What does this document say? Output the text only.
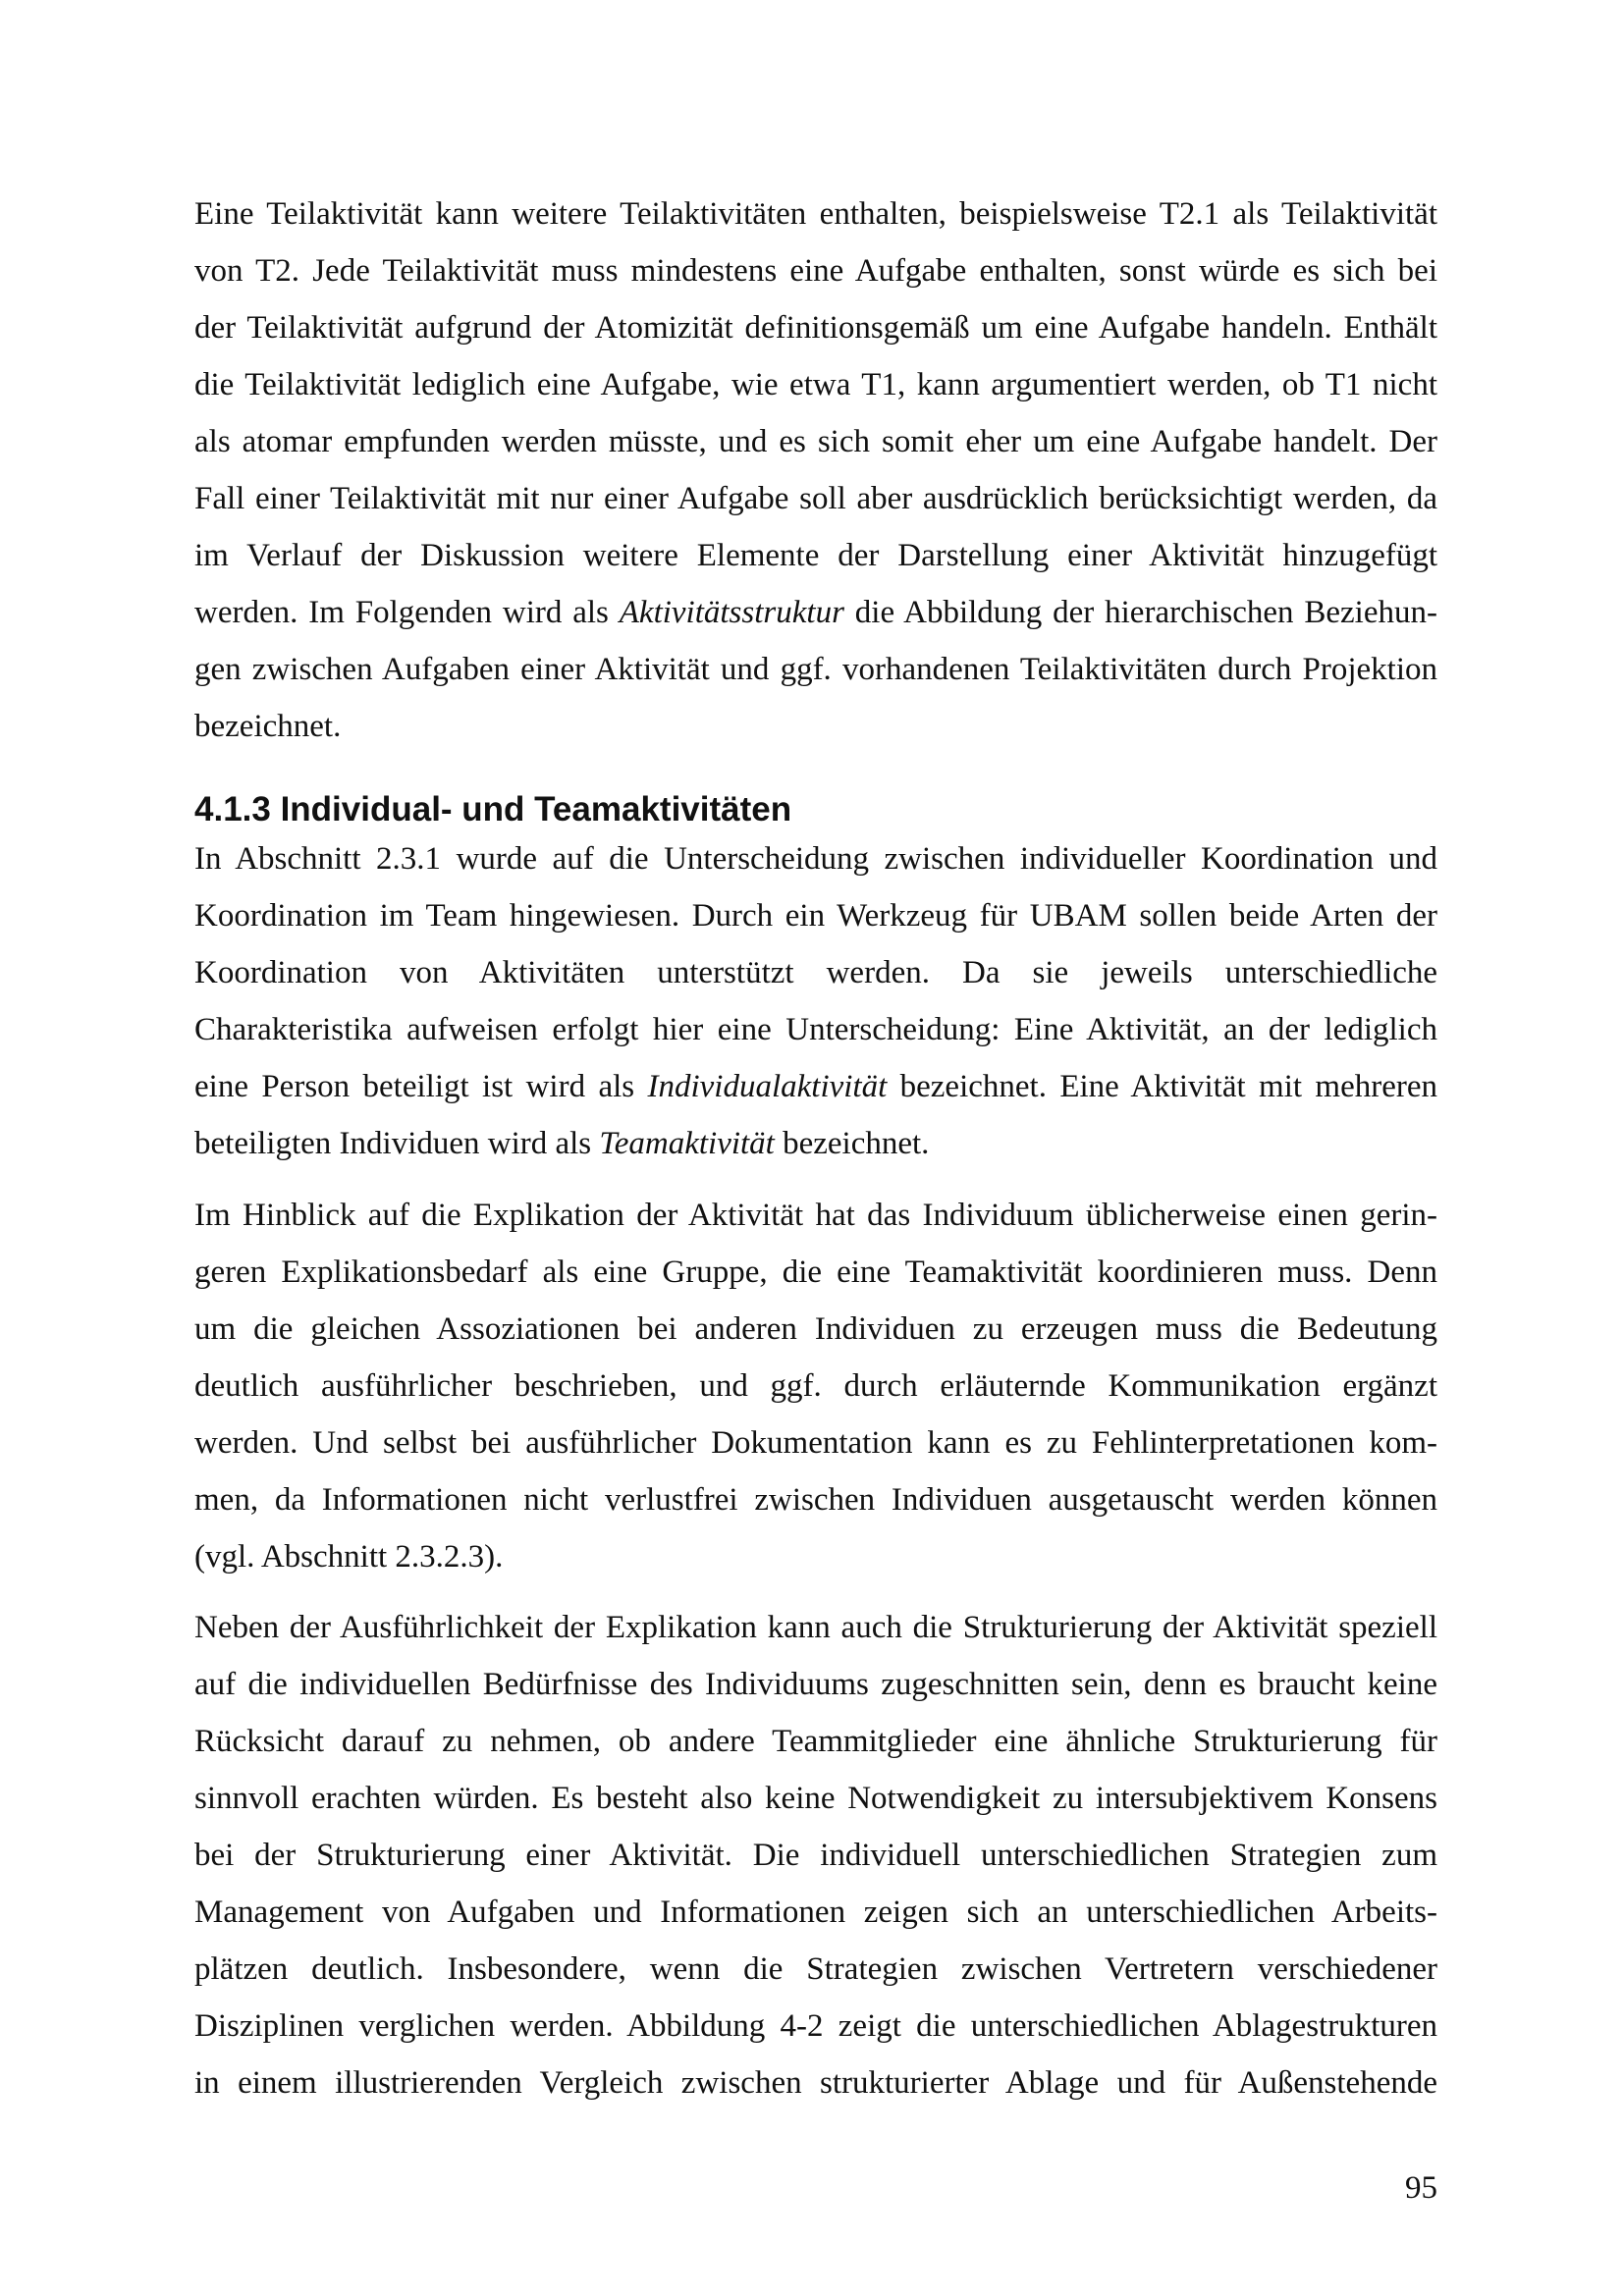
Eine Teilaktivität kann weitere Teilaktivitäten enthalten, beispielsweise T2.1 als Teilaktivität
von T2. Jede Teilaktivität muss mindestens eine Aufgabe enthalten, sonst würde es sich bei
der Teilaktivität aufgrund der Atomizität definitionsgemäß um eine Aufgabe handeln. Enthält
die Teilaktivität lediglich eine Aufgabe, wie etwa T1, kann argumentiert werden, ob T1 nicht
als atomar empfunden werden müsste, und es sich somit eher um eine Aufgabe handelt. Der
Fall einer Teilaktivität mit nur einer Aufgabe soll aber ausdrücklich berücksichtigt werden, da
im Verlauf der Diskussion weitere Elemente der Darstellung einer Aktivität hinzugefügt
werden. Im Folgenden wird als Aktivitätsstruktur die Abbildung der hierarchischen Beziehun-
gen zwischen Aufgaben einer Aktivität und ggf. vorhandenen Teilaktivitäten durch Projektion
bezeichnet.
4.1.3 Individual- und Teamaktivitäten
In Abschnitt 2.3.1 wurde auf die Unterscheidung zwischen individueller Koordination und
Koordination im Team hingewiesen. Durch ein Werkzeug für UBAM sollen beide Arten der
Koordination von Aktivitäten unterstützt werden. Da sie jeweils unterschiedliche
Charakteristika aufweisen erfolgt hier eine Unterscheidung: Eine Aktivität, an der lediglich
eine Person beteiligt ist wird als Individualaktivität bezeichnet. Eine Aktivität mit mehreren
beteiligten Individuen wird als Teamaktivität bezeichnet.
Im Hinblick auf die Explikation der Aktivität hat das Individuum üblicherweise einen gerin-
geren Explikationsbedarf als eine Gruppe, die eine Teamaktivität koordinieren muss. Denn
um die gleichen Assoziationen bei anderen Individuen zu erzeugen muss die Bedeutung
deutlich ausführlicher beschrieben, und ggf. durch erläuternde Kommunikation ergänzt
werden. Und selbst bei ausführlicher Dokumentation kann es zu Fehlinterpretationen kom-
men, da Informationen nicht verlustfrei zwischen Individuen ausgetauscht werden können
(vgl. Abschnitt 2.3.2.3).
Neben der Ausführlichkeit der Explikation kann auch die Strukturierung der Aktivität speziell
auf die individuellen Bedürfnisse des Individuums zugeschnitten sein, denn es braucht keine
Rücksicht darauf zu nehmen, ob andere Teammitglieder eine ähnliche Strukturierung für
sinnvoll erachten würden. Es besteht also keine Notwendigkeit zu intersubjektivem Konsens
bei der Strukturierung einer Aktivität. Die individuell unterschiedlichen Strategien zum
Management von Aufgaben und Informationen zeigen sich an unterschiedlichen Arbeits-
plätzen deutlich. Insbesondere, wenn die Strategien zwischen Vertretern verschiedener
Disziplinen verglichen werden. Abbildung 4-2 zeigt die unterschiedlichen Ablagestrukturen
in einem illustrierenden Vergleich zwischen strukturierter Ablage und für Außenstehende
95
